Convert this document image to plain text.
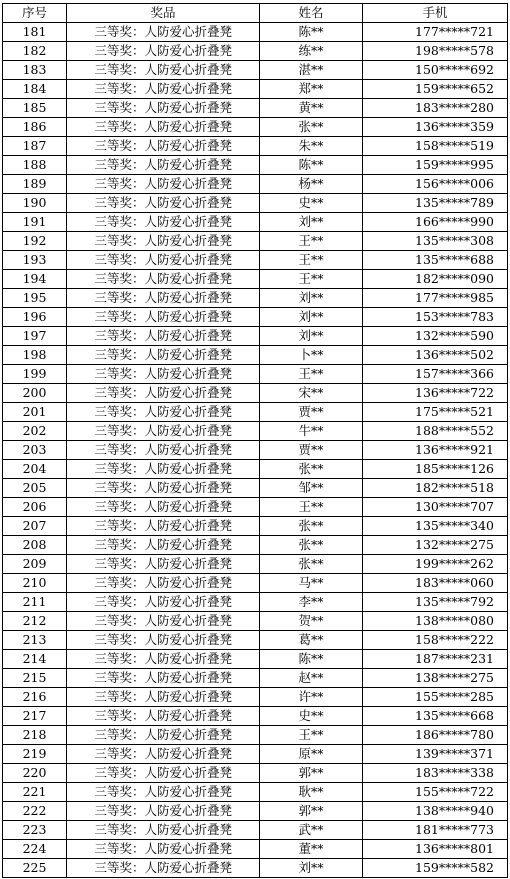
序号	奖品	姓名	手机
181	三等奖：人防爱心折叠凳	陈**	177*****721
182	三等奖：人防爱心折叠凳	练**	198*****578
183	三等奖：人防爱心折叠凳	湛**	150*****692
184	三等奖：人防爱心折叠凳	郑**	159*****652
185	三等奖：人防爱心折叠凳	黄**	183*****280
186	三等奖：人防爱心折叠凳	张**	136*****359
187	三等奖：人防爱心折叠凳	朱**	158*****519
188	三等奖：人防爱心折叠凳	陈**	159*****995
189	三等奖：人防爱心折叠凳	杨**	156*****006
190	三等奖：人防爱心折叠凳	史**	135*****789
191	三等奖：人防爱心折叠凳	刘**	166*****990
192	三等奖：人防爱心折叠凳	王**	135*****308
193	三等奖：人防爱心折叠凳	王**	135*****688
194	三等奖：人防爱心折叠凳	王**	182*****090
195	三等奖：人防爱心折叠凳	刘**	177*****985
196	三等奖：人防爱心折叠凳	刘**	153*****783
197	三等奖：人防爱心折叠凳	刘**	132*****590
198	三等奖：人防爱心折叠凳	卜**	136*****502
199	三等奖：人防爱心折叠凳	王**	157*****366
200	三等奖：人防爱心折叠凳	宋**	136*****722
201	三等奖：人防爱心折叠凳	贾**	175*****521
202	三等奖：人防爱心折叠凳	牛**	188*****552
203	三等奖：人防爱心折叠凳	贾**	136*****921
204	三等奖：人防爱心折叠凳	张**	185*****126
205	三等奖：人防爱心折叠凳	邹**	182*****518
206	三等奖：人防爱心折叠凳	王**	130*****707
207	三等奖：人防爱心折叠凳	张**	135*****340
208	三等奖：人防爱心折叠凳	张**	132*****275
209	三等奖：人防爱心折叠凳	张**	199*****262
210	三等奖：人防爱心折叠凳	马**	183*****060
211	三等奖：人防爱心折叠凳	李**	135*****792
212	三等奖：人防爱心折叠凳	贺**	138*****080
213	三等奖：人防爱心折叠凳	葛**	158*****222
214	三等奖：人防爱心折叠凳	陈**	187*****231
215	三等奖：人防爱心折叠凳	赵**	138*****275
216	三等奖：人防爱心折叠凳	许**	155*****285
217	三等奖：人防爱心折叠凳	史**	135*****668
218	三等奖：人防爱心折叠凳	王**	186*****780
219	三等奖：人防爱心折叠凳	原**	139*****371
220	三等奖：人防爱心折叠凳	郭**	183*****338
221	三等奖：人防爱心折叠凳	耿**	155*****722
222	三等奖：人防爱心折叠凳	郭**	138*****940
223	三等奖：人防爱心折叠凳	武**	181*****773
224	三等奖：人防爱心折叠凳	董**	136*****801
225	三等奖：人防爱心折叠凳	刘**	159*****582
